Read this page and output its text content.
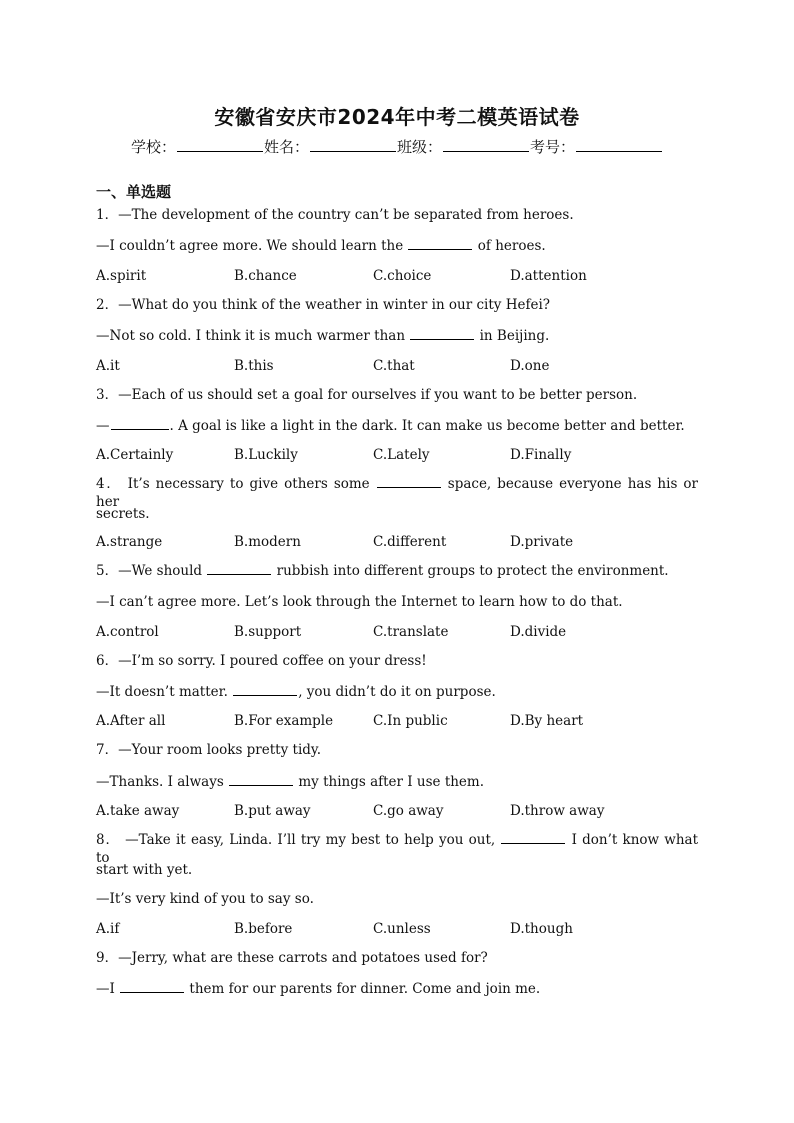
安徽省安庆市2024年中考二模英语试卷
学校：	姓名：	班级：	考号：
一、单选题
1．—The development of the country can’t be separated from heroes.
—I couldn’t agree more. We should learn the	of heroes.
A.spirit	B.chance	C.choice	D.attention
2．—What do you think of the weather in winter in our city Hefei?
—Not so cold. I think it is much warmer than	in Beijing.
A.it	B.this	C.that	D.one
3．—Each of us should set a goal for ourselves if you want to be better person.
—	. A goal is like a light in the dark. It can make us become better and better.
A.Certainly	B.Luckily	C.Lately	D.Finally
4． It’s necessary to give others some	space, because everyone has his or her
secrets.
A.strange	B.modern	C.different	D.private
5．—We should	rubbish into different groups to protect the environment.
—I can’t agree more. Let’s look through the Internet to learn how to do that.
A.control	B.support	C.translate	D.divide
6．—I’m so sorry. I poured coffee on your dress!
—It doesn’t matter.	, you didn’t do it on purpose.
A.After all	B.For example	C.In public	D.By heart
7．—Your room looks pretty tidy.
—Thanks. I always	my things after I use them.
A.take away	B.put away	C.go away	D.throw away
8． —Take it easy, Linda. I’ll try my best to help you out,	I don’t know what to
start with yet.
—It’s very kind of you to say so.
A.if	B.before	C.unless	D.though
9．—Jerry, what are these carrots and potatoes used for?
—I	them for our parents for dinner. Come and join me.
